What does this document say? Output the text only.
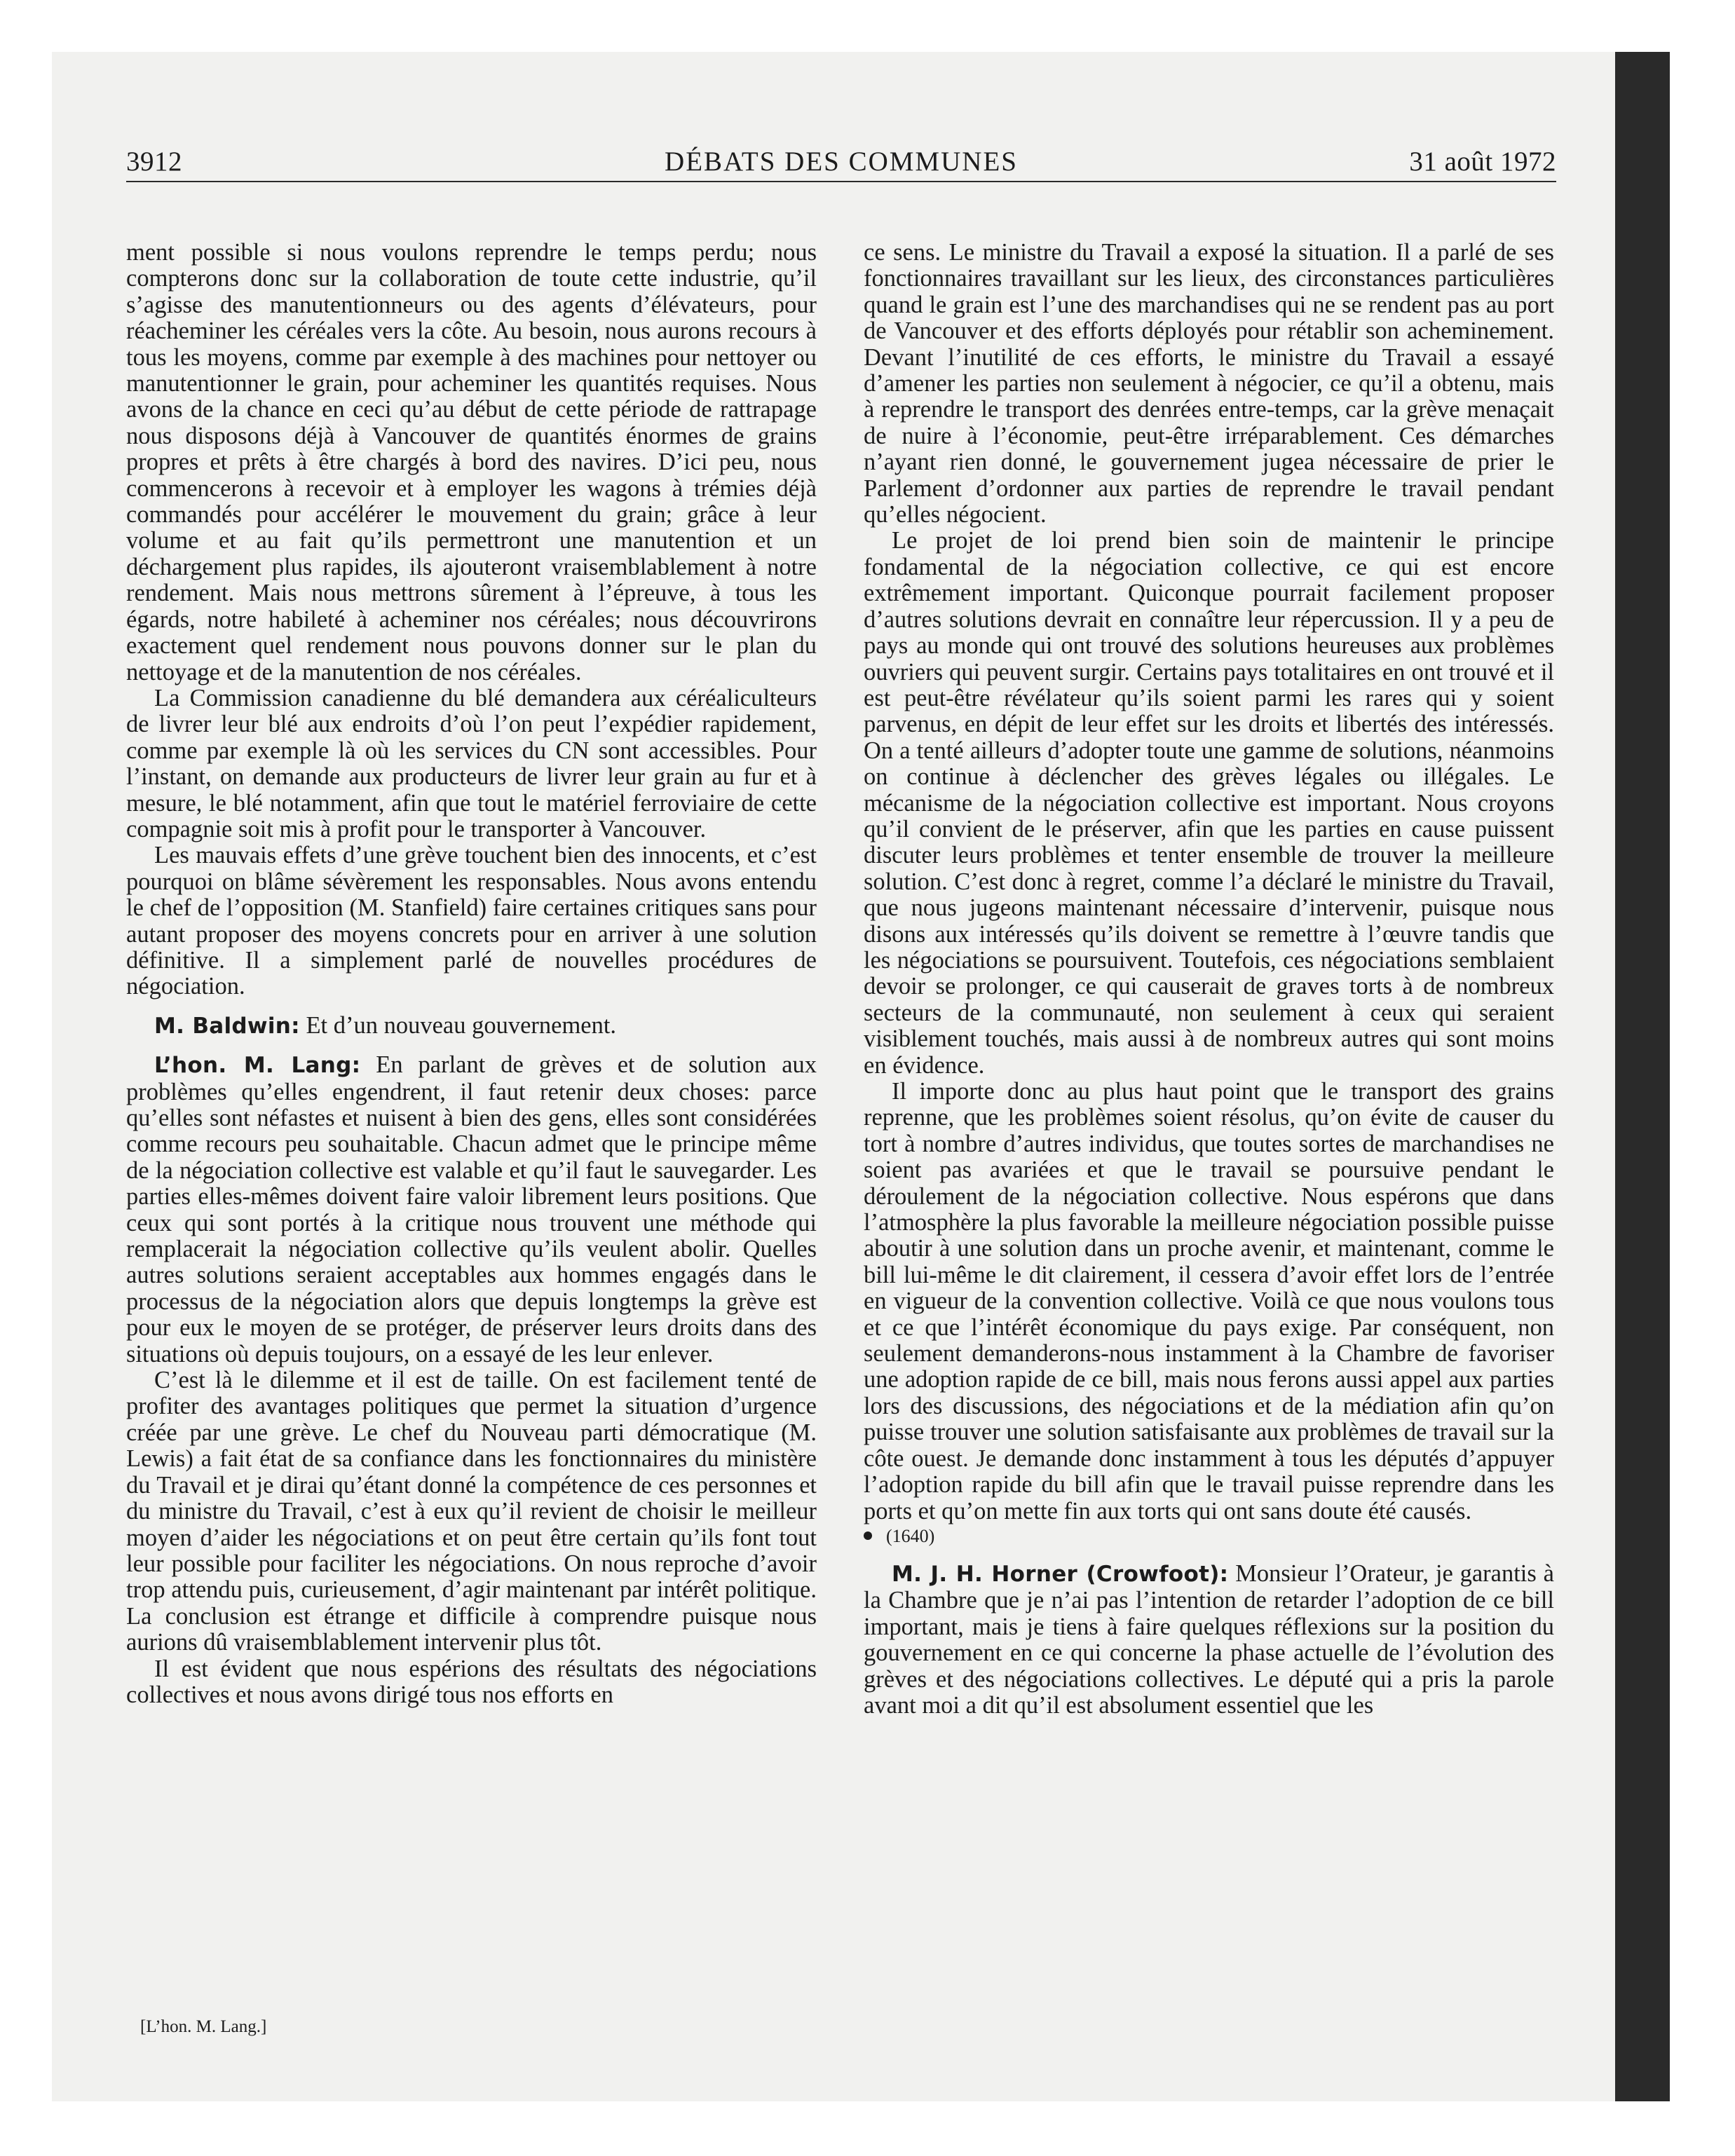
3912	DÉBATS DES COMMUNES	31 août 1972

ment possible si nous voulons reprendre le temps perdu; nous compterons donc sur la collaboration de toute cette industrie, qu’il s’agisse des manutentionneurs ou des agents d’élévateurs, pour réacheminer les céréales vers la côte. Au besoin, nous aurons recours à tous les moyens, comme par exemple à des machines pour nettoyer ou manutentionner le grain, pour acheminer les quantités requises. Nous avons de la chance en ceci qu’au début de cette période de rattrapage nous disposons déjà à Vancouver de quantités énormes de grains propres et prêts à être chargés à bord des navires. D’ici peu, nous commencerons à recevoir et à employer les wagons à trémies déjà commandés pour accélérer le mouvement du grain; grâce à leur volume et au fait qu’ils permettront une manutention et un déchargement plus rapides, ils ajouteront vraisemblablement à notre rendement. Mais nous mettrons sûrement à l’épreuve, à tous les égards, notre habileté à acheminer nos céréales; nous découvrirons exactement quel rendement nous pouvons donner sur le plan du nettoyage et de la manutention de nos céréales.

La Commission canadienne du blé demandera aux céréaliculteurs de livrer leur blé aux endroits d’où l’on peut l’expédier rapidement, comme par exemple là où les services du CN sont accessibles. Pour l’instant, on demande aux producteurs de livrer leur grain au fur et à mesure, le blé notamment, afin que tout le matériel ferroviaire de cette compagnie soit mis à profit pour le transporter à Vancouver.

Les mauvais effets d’une grève touchent bien des innocents, et c’est pourquoi on blâme sévèrement les responsables. Nous avons entendu le chef de l’opposition (M. Stanfield) faire certaines critiques sans pour autant proposer des moyens concrets pour en arriver à une solution définitive. Il a simplement parlé de nouvelles procédures de négociation.

M. Baldwin: Et d’un nouveau gouvernement.

L’hon. M. Lang: En parlant de grèves et de solution aux problèmes qu’elles engendrent, il faut retenir deux choses: parce qu’elles sont néfastes et nuisent à bien des gens, elles sont considérées comme recours peu souhaitable. Chacun admet que le principe même de la négociation collective est valable et qu’il faut le sauvegarder. Les parties elles-mêmes doivent faire valoir librement leurs positions. Que ceux qui sont portés à la critique nous trouvent une méthode qui remplacerait la négociation collective qu’ils veulent abolir. Quelles autres solutions seraient acceptables aux hommes engagés dans le processus de la négociation alors que depuis longtemps la grève est pour eux le moyen de se protéger, de préserver leurs droits dans des situations où depuis toujours, on a essayé de les leur enlever.

C’est là le dilemme et il est de taille. On est facilement tenté de profiter des avantages politiques que permet la situation d’urgence créée par une grève. Le chef du Nouveau parti démocratique (M. Lewis) a fait état de sa confiance dans les fonctionnaires du ministère du Travail et je dirai qu’étant donné la compétence de ces personnes et du ministre du Travail, c’est à eux qu’il revient de choisir le meilleur moyen d’aider les négociations et on peut être certain qu’ils font tout leur possible pour faciliter les négociations. On nous reproche d’avoir trop attendu puis, curieusement, d’agir maintenant par intérêt politique. La conclusion est étrange et difficile à comprendre puisque nous aurions dû vraisemblablement intervenir plus tôt.

Il est évident que nous espérions des résultats des négociations collectives et nous avons dirigé tous nos efforts en

[L’hon. M. Lang.]

ce sens. Le ministre du Travail a exposé la situation. Il a parlé de ses fonctionnaires travaillant sur les lieux, des circonstances particulières quand le grain est l’une des marchandises qui ne se rendent pas au port de Vancouver et des efforts déployés pour rétablir son acheminement. Devant l’inutilité de ces efforts, le ministre du Travail a essayé d’amener les parties non seulement à négocier, ce qu’il a obtenu, mais à reprendre le transport des denrées entre-temps, car la grève menaçait de nuire à l’économie, peut-être irréparablement. Ces démarches n’ayant rien donné, le gouvernement jugea nécessaire de prier le Parlement d’ordonner aux parties de reprendre le travail pendant qu’elles négocient.

Le projet de loi prend bien soin de maintenir le principe fondamental de la négociation collective, ce qui est encore extrêmement important. Quiconque pourrait facilement proposer d’autres solutions devrait en connaître leur répercussion. Il y a peu de pays au monde qui ont trouvé des solutions heureuses aux problèmes ouvriers qui peuvent surgir. Certains pays totalitaires en ont trouvé et il est peut-être révélateur qu’ils soient parmi les rares qui y soient parvenus, en dépit de leur effet sur les droits et libertés des intéressés. On a tenté ailleurs d’adopter toute une gamme de solutions, néanmoins on continue à déclencher des grèves légales ou illégales. Le mécanisme de la négociation collective est important. Nous croyons qu’il convient de le préserver, afin que les parties en cause puissent discuter leurs problèmes et tenter ensemble de trouver la meilleure solution. C’est donc à regret, comme l’a déclaré le ministre du Travail, que nous jugeons maintenant nécessaire d’intervenir, puisque nous disons aux intéressés qu’ils doivent se remettre à l’œuvre tandis que les négociations se poursuivent. Toutefois, ces négociations semblaient devoir se prolonger, ce qui causerait de graves torts à de nombreux secteurs de la communauté, non seulement à ceux qui seraient visiblement touchés, mais aussi à de nombreux autres qui sont moins en évidence.

Il importe donc au plus haut point que le transport des grains reprenne, que les problèmes soient résolus, qu’on évite de causer du tort à nombre d’autres individus, que toutes sortes de marchandises ne soient pas avariées et que le travail se poursuive pendant le déroulement de la négociation collective. Nous espérons que dans l’atmosphère la plus favorable la meilleure négociation possible puisse aboutir à une solution dans un proche avenir, et maintenant, comme le bill lui-même le dit clairement, il cessera d’avoir effet lors de l’entrée en vigueur de la convention collective. Voilà ce que nous voulons tous et ce que l’intérêt économique du pays exige. Par conséquent, non seulement demanderons-nous instamment à la Chambre de favoriser une adoption rapide de ce bill, mais nous ferons aussi appel aux parties lors des discussions, des négociations et de la médiation afin qu’on puisse trouver une solution satisfaisante aux problèmes de travail sur la côte ouest. Je demande donc instamment à tous les députés d’appuyer l’adoption rapide du bill afin que le travail puisse reprendre dans les ports et qu’on mette fin aux torts qui ont sans doute été causés.

(1640)

M. J. H. Horner (Crowfoot): Monsieur l’Orateur, je garantis à la Chambre que je n’ai pas l’intention de retarder l’adoption de ce bill important, mais je tiens à faire quelques réflexions sur la position du gouvernement en ce qui concerne la phase actuelle de l’évolution des grèves et des négociations collectives. Le député qui a pris la parole avant moi a dit qu’il est absolument essentiel que les
